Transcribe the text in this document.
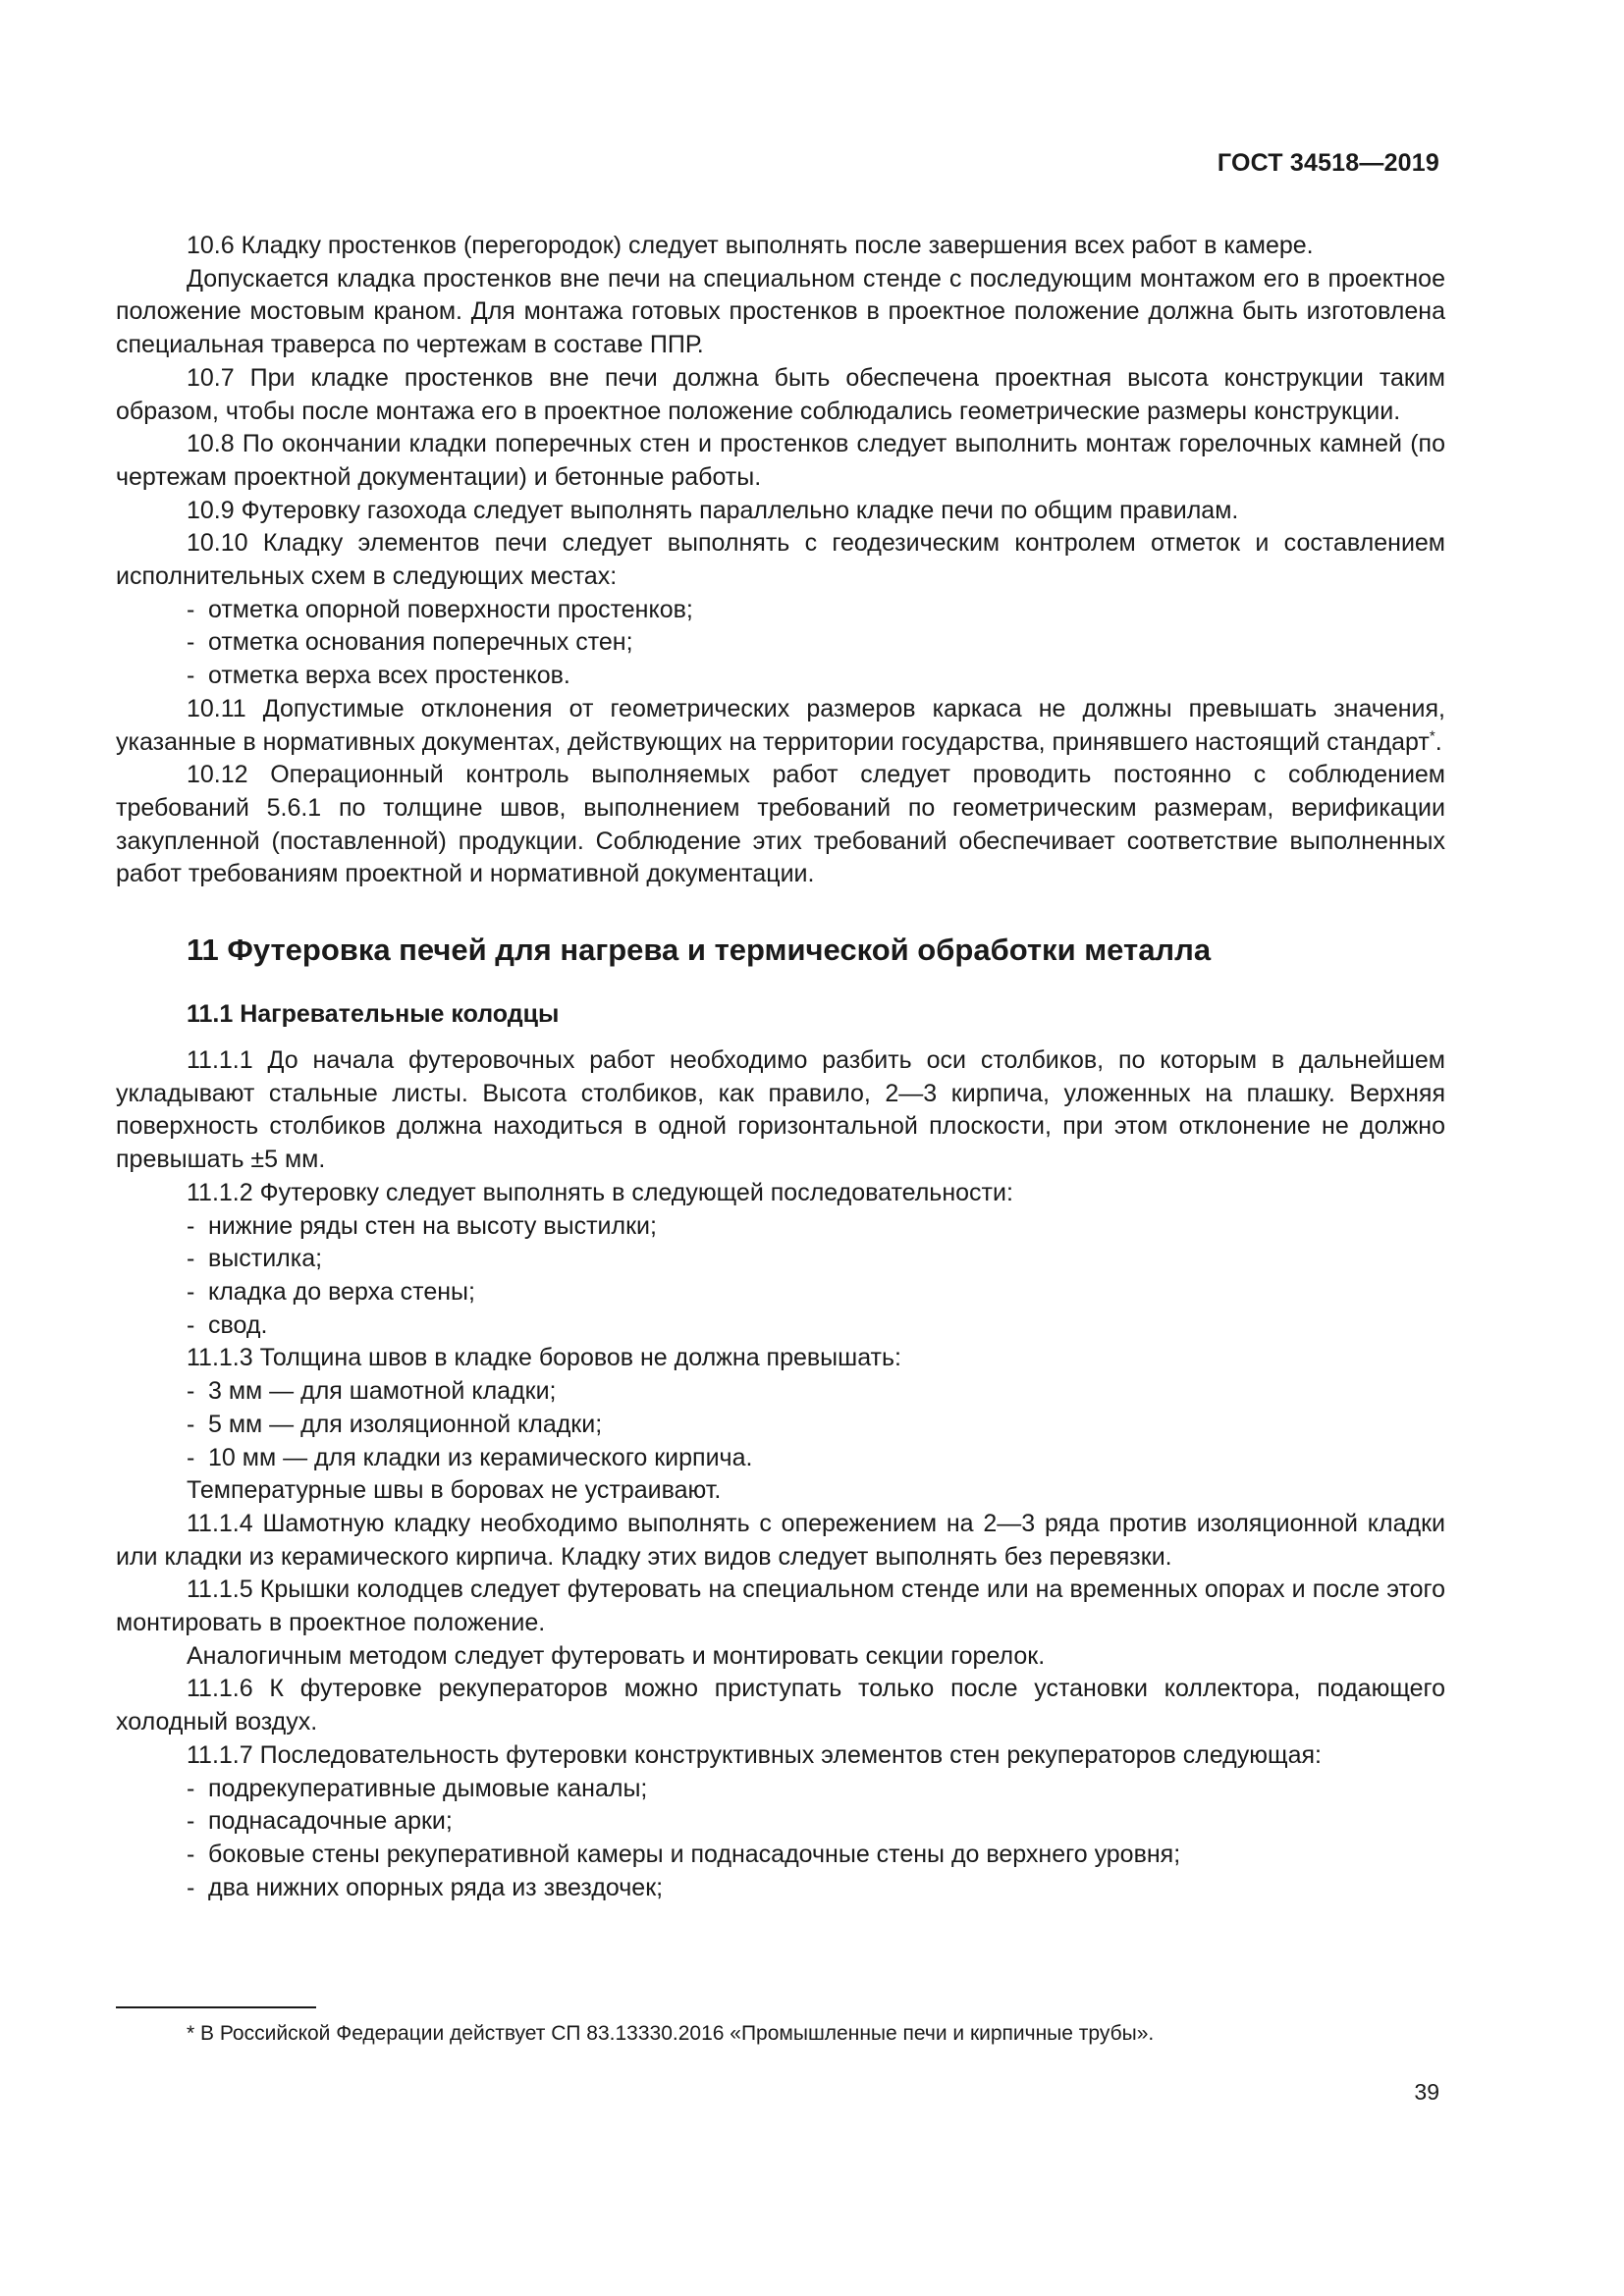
ГОСТ 34518—2019

10.6 Кладку простенков (перегородок) следует выполнять после завершения всех работ в камере.

Допускается кладка простенков вне печи на специальном стенде с последующим монтажом его в проектное положение мостовым краном. Для монтажа готовых простенков в проектное положение должна быть изготовлена специальная траверса по чертежам в составе ППР.

10.7 При кладке простенков вне печи должна быть обеспечена проектная высота конструкции таким образом, чтобы после монтажа его в проектное положение соблюдались геометрические размеры конструкции.

10.8 По окончании кладки поперечных стен и простенков следует выполнить монтаж горелочных камней (по чертежам проектной документации) и бетонные работы.

10.9 Футеровку газохода следует выполнять параллельно кладке печи по общим правилам.

10.10 Кладку элементов печи следует выполнять с геодезическим контролем отметок и составлением исполнительных схем в следующих местах:

- отметка опорной поверхности простенков;
- отметка основания поперечных стен;
- отметка верха всех простенков.

10.11 Допустимые отклонения от геометрических размеров каркаса не должны превышать значения, указанные в нормативных документах, действующих на территории государства, принявшего настоящий стандарт*.

10.12 Операционный контроль выполняемых работ следует проводить постоянно с соблюдением требований 5.6.1 по толщине швов, выполнением требований по геометрическим размерам, верификации закупленной (поставленной) продукции. Соблюдение этих требований обеспечивает соответствие выполненных работ требованиям проектной и нормативной документации.

11 Футеровка печей для нагрева и термической обработки металла
11.1 Нагревательные колодцы

11.1.1 До начала футеровочных работ необходимо разбить оси столбиков, по которым в дальнейшем укладывают стальные листы. Высота столбиков, как правило, 2—3 кирпича, уложенных на плашку. Верхняя поверхность столбиков должна находиться в одной горизонтальной плоскости, при этом отклонение не должно превышать ±5 мм.

11.1.2 Футеровку следует выполнять в следующей последовательности:

- нижние ряды стен на высоту выстилки;
- выстилка;
- кладка до верха стены;
- свод.

11.1.3 Толщина швов в кладке боровов не должна превышать:

- 3 мм — для шамотной кладки;
- 5 мм — для изоляционной кладки;
- 10 мм — для кладки из керамического кирпича.

Температурные швы в боровах не устраивают.

11.1.4 Шамотную кладку необходимо выполнять с опережением на 2—3 ряда против изоляционной кладки или кладки из керамического кирпича. Кладку этих видов следует выполнять без перевязки.

11.1.5 Крышки колодцев следует футеровать на специальном стенде или на временных опорах и после этого монтировать в проектное положение.

Аналогичным методом следует футеровать и монтировать секции горелок.

11.1.6 К футеровке рекуператоров можно приступать только после установки коллектора, подающего холодный воздух.

11.1.7 Последовательность футеровки конструктивных элементов стен рекуператоров следующая:

- подрекуперативные дымовые каналы;
- поднасадочные арки;
- боковые стены рекуперативной камеры и поднасадочные стены до верхнего уровня;
- два нижних опорных ряда из звездочек;
* В Российской Федерации действует СП 83.13330.2016 «Промышленные печи и кирпичные трубы».
39
